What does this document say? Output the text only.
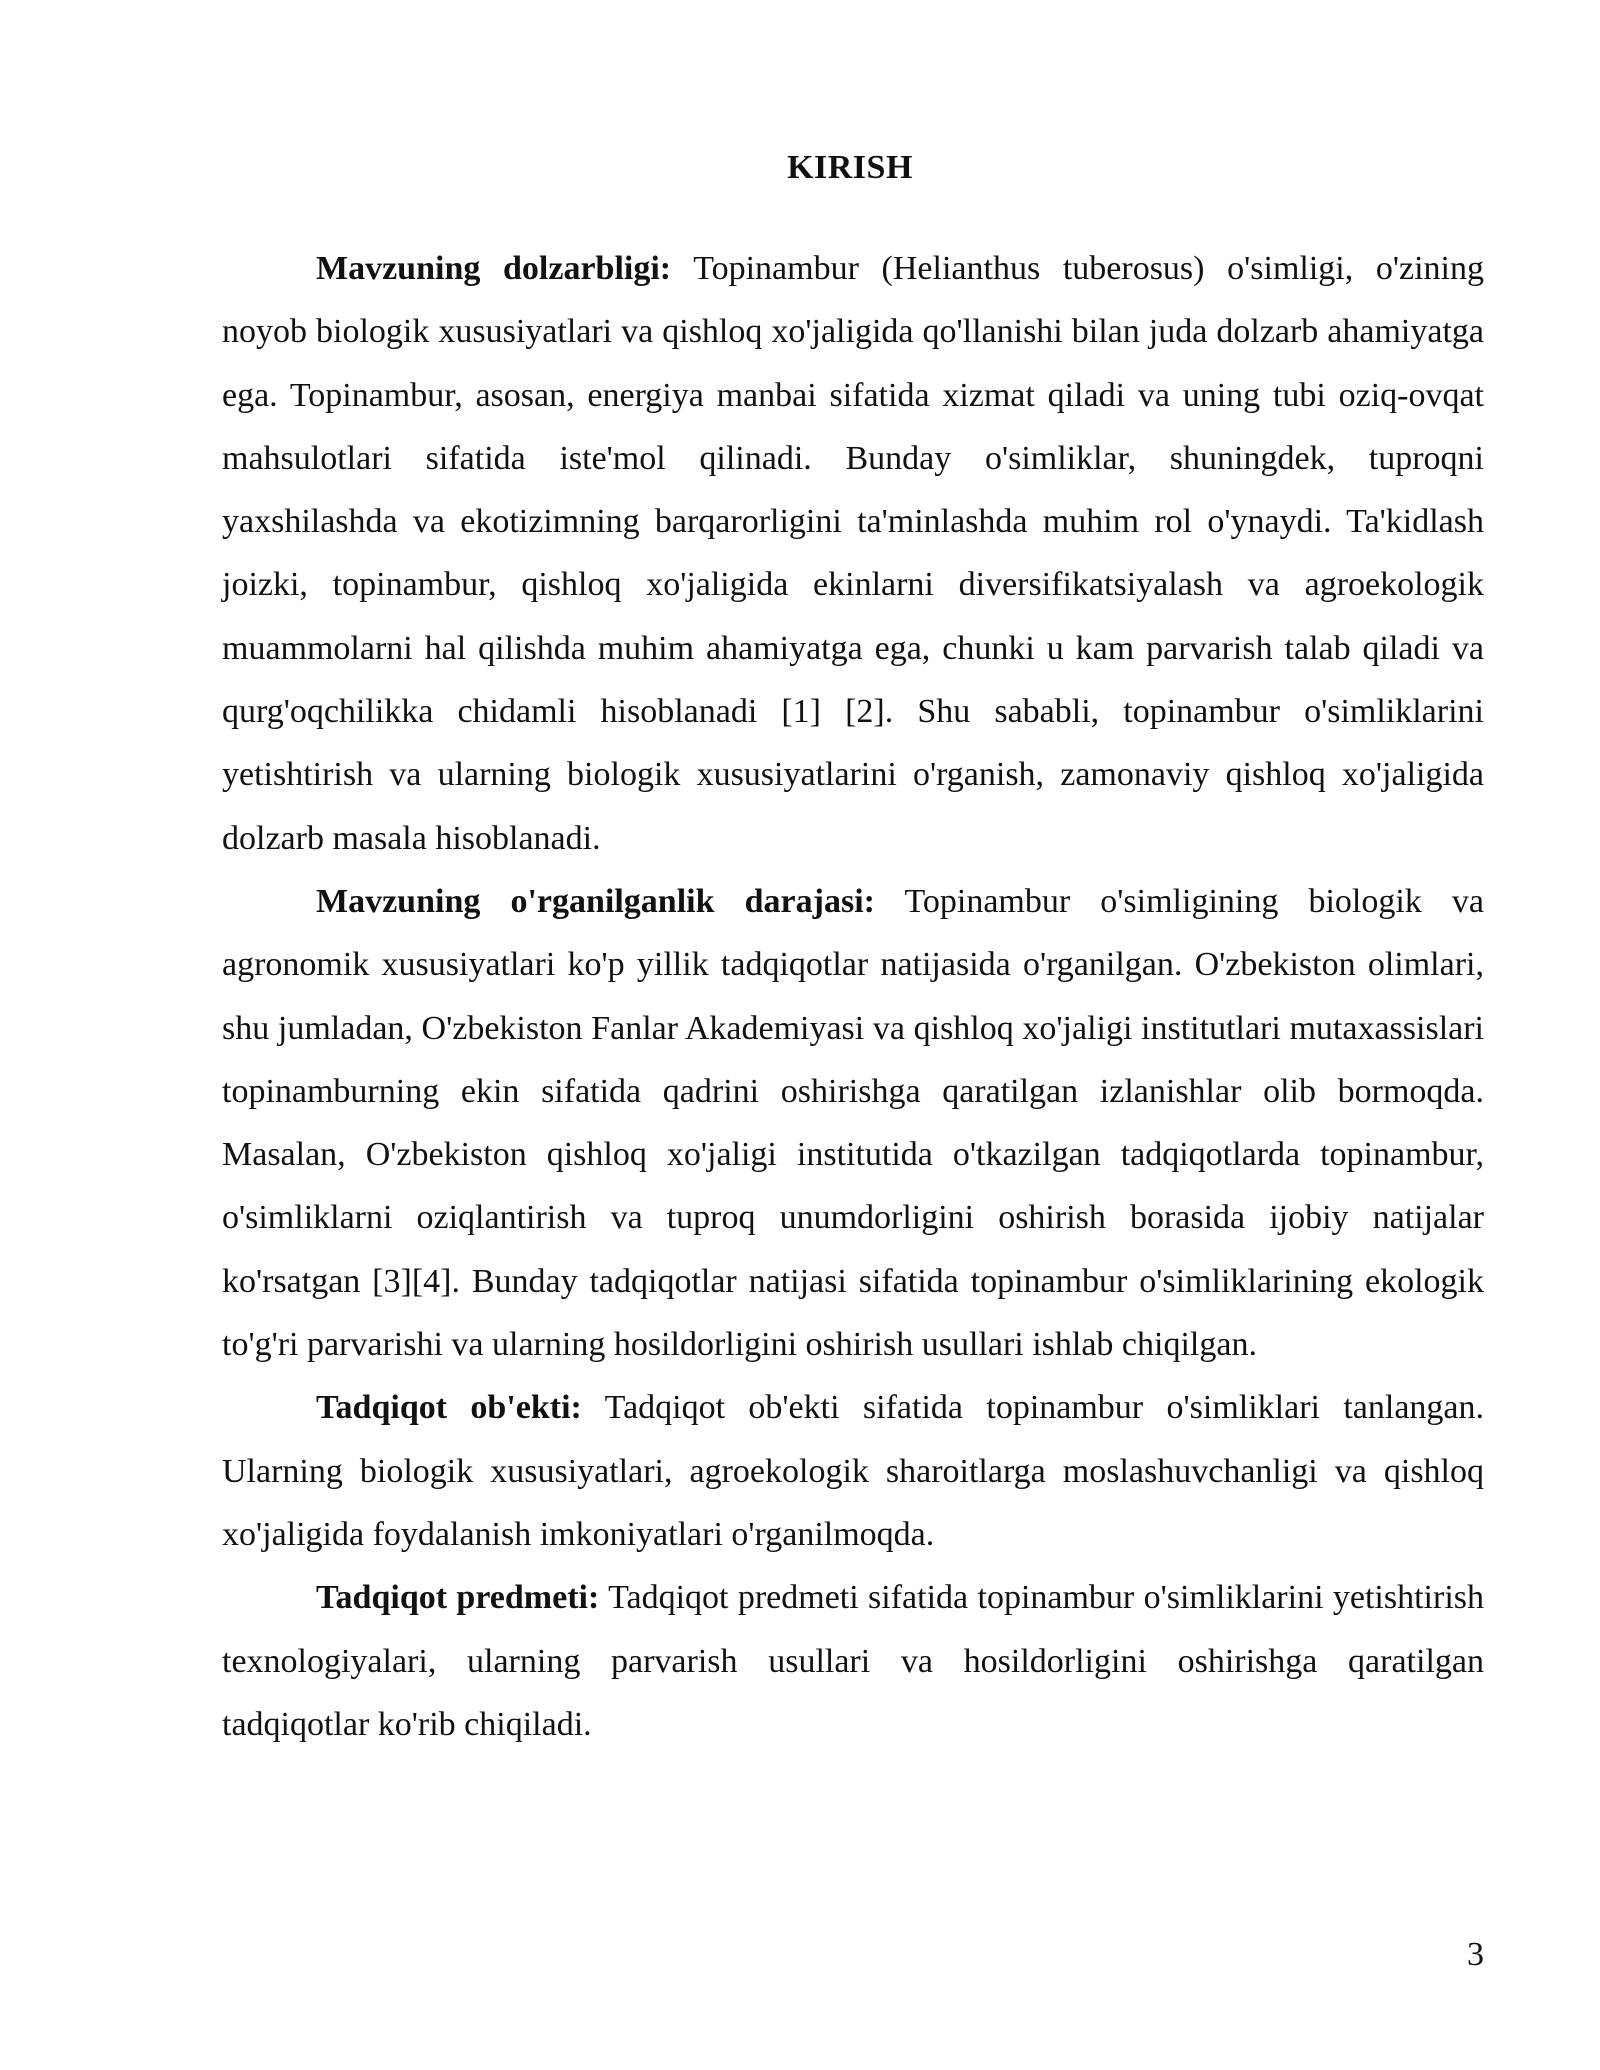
KIRISH

Mavzuning dolzarbligi: Topinambur (Helianthus tuberosus) o'simligi, o'zining noyob biologik xususiyatlari va qishloq xo'jaligida qo'llanishi bilan juda dolzarb ahamiyatga ega. Topinambur, asosan, energiya manbai sifatida xizmat qiladi va uning tubi oziq-ovqat mahsulotlari sifatida iste'mol qilinadi. Bunday o'simliklar, shuningdek, tuproqni yaxshilashda va ekotizimning barqarorligini ta'minlashda muhim rol o'ynaydi. Ta'kidlash joizki, topinambur, qishloq xo'jaligida ekinlarni diversifikatsiyalash va agroekologik muammolarni hal qilishda muhim ahamiyatga ega, chunki u kam parvarish talab qiladi va qurg'oqchilikka chidamli hisoblanadi [1] [2]. Shu sababli, topinambur o'simliklarini yetishtirish va ularning biologik xususiyatlarini o'rganish, zamonaviy qishloq xo'jaligida dolzarb masala hisoblanadi.

Mavzuning o'rganilganlik darajasi: Topinambur o'simligining biologik va agronomik xususiyatlari ko'p yillik tadqiqotlar natijasida o'rganilgan. O'zbekiston olimlari, shu jumladan, O'zbekiston Fanlar Akademiyasi va qishloq xo'jaligi institutlari mutaxassislari topinamburning ekin sifatida qadrini oshirishga qaratilgan izlanishlar olib bormoqda. Masalan, O'zbekiston qishloq xo'jaligi institutida o'tkazilgan tadqiqotlarda topinambur, o'simliklarni oziqlantirish va tuproq unumdorligini oshirish borasida ijobiy natijalar ko'rsatgan [3][4]. Bunday tadqiqotlar natijasi sifatida topinambur o'simliklarining ekologik to'g'ri parvarishi va ularning hosildorligini oshirish usullari ishlab chiqilgan.

Tadqiqot ob'ekti: Tadqiqot ob'ekti sifatida topinambur o'simliklari tanlangan. Ularning biologik xususiyatlari, agroekologik sharoitlarga moslashuvchanligi va qishloq xo'jaligida foydalanish imkoniyatlari o'rganilmoqda.

Tadqiqot predmeti: Tadqiqot predmeti sifatida topinambur o'simliklarini yetishtirish texnologiyalari, ularning parvarish usullari va hosildorligini oshirishga qaratilgan tadqiqotlar ko'rib chiqiladi.

3
